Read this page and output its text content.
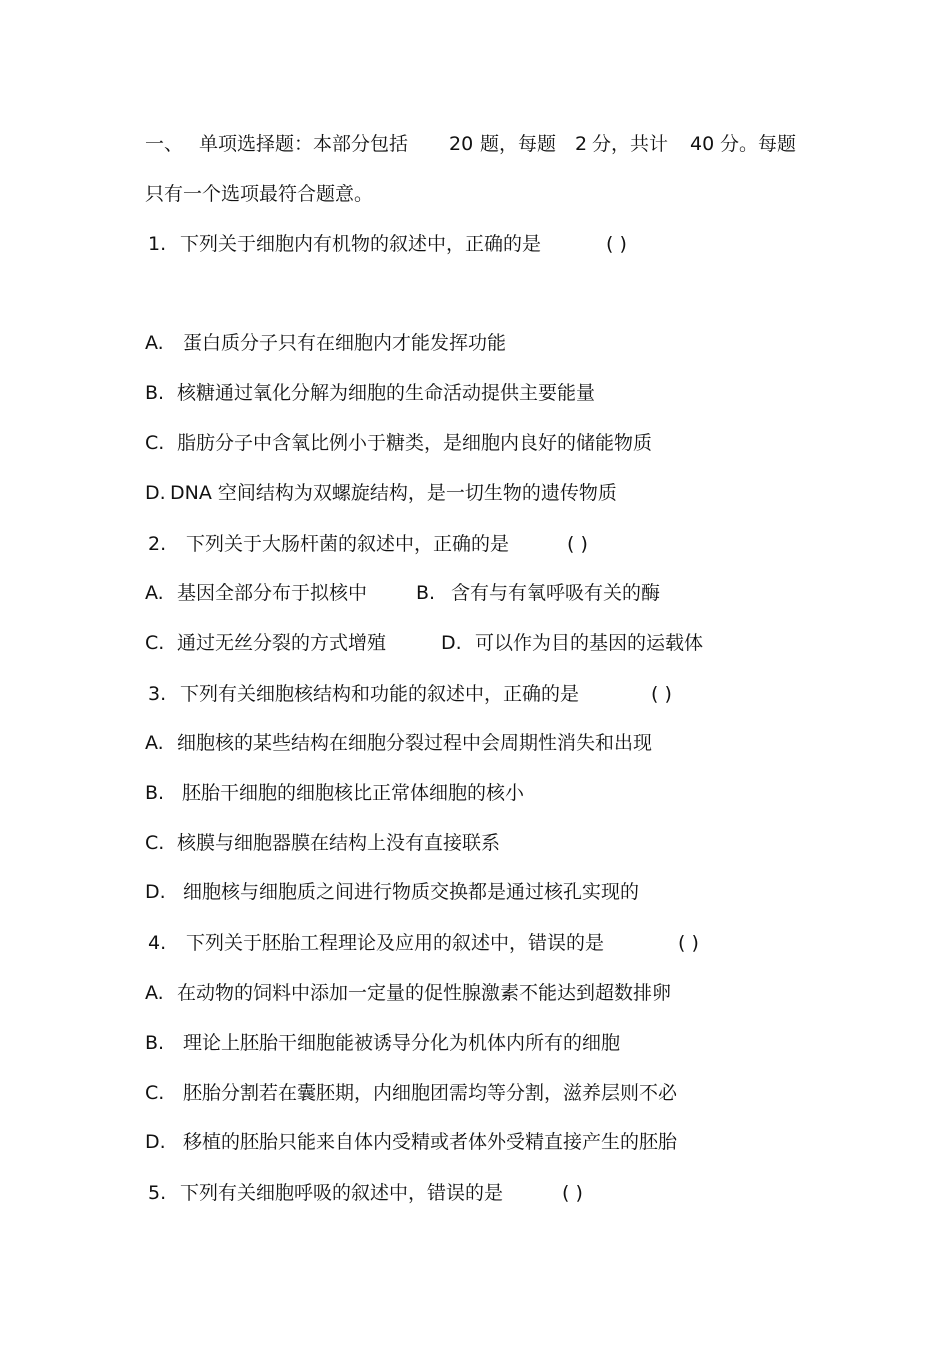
一、 单项选择题：本部分包括 20 题，每题 2 分，共计 40 分。每题
只有一个选项最符合题意。
1. 下列关于细胞内有机物的叙述中，正确的是	( )
A. 蛋白质分子只有在细胞内才能发挥功能
B. 核糖通过氧化分解为细胞的生命活动提供主要能量
C. 脂肪分子中含氧比例小于糖类，是细胞内良好的储能物质
D. DNA 空间结构为双螺旋结构，是一切生物的遗传物质
2. 下列关于大肠杆菌的叙述中，正确的是	( )
A. 基因全部分布于拟核中	B. 含有与有氧呼吸有关的酶
C. 通过无丝分裂的方式增殖	D. 可以作为目的基因的运载体
3. 下列有关细胞核结构和功能的叙述中，正确的是	( )
A. 细胞核的某些结构在细胞分裂过程中会周期性消失和出现
B. 胚胎干细胞的细胞核比正常体细胞的核小
C. 核膜与细胞器膜在结构上没有直接联系
D. 细胞核与细胞质之间进行物质交换都是通过核孔实现的
4. 下列关于胚胎工程理论及应用的叙述中，错误的是	( )
A. 在动物的饲料中添加一定量的促性腺激素不能达到超数排卵
B. 理论上胚胎干细胞能被诱导分化为机体内所有的细胞
C. 胚胎分割若在囊胚期，内细胞团需均等分割，滋养层则不必
D. 移植的胚胎只能来自体内受精或者体外受精直接产生的胚胎
5. 下列有关细胞呼吸的叙述中，错误的是	( )
